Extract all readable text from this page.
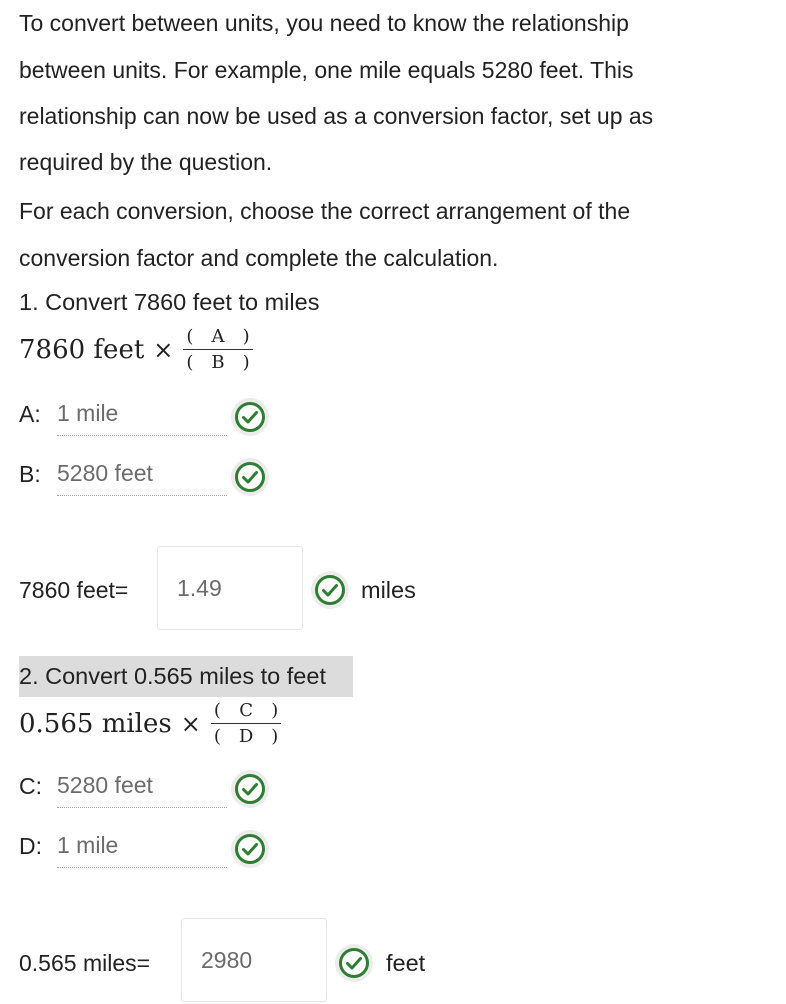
To convert between units, you need to know the relationship

between units. For example, one mile equals 5280 feet. This

relationship can now be used as a conversion factor, set up as

required by the question.

For each conversion, choose the correct arrangement of the

conversion factor and complete the calculation.

1. Convert 7860 feet to miles
7860 feet × (	A	)
(	B	)
A: 1 mile
B: 5280 feet
7860 feet=	1.49	miles
2. Convert 0.565 miles to feet
0.565 miles × (	C	)
(	D	)
C: 5280 feet
D: 1 mile
0.565 miles=	2980	feet
